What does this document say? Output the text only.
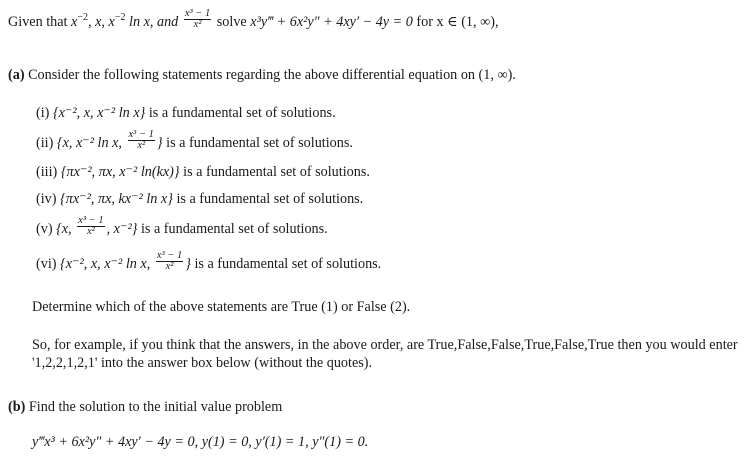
Given that $x^{-2}$, x, $x^{-2}$ ln x, and $\frac{\text{x³ − 1}}{\text{x²}}$ solve x³y‴ + 6x²y″ + 4xy′ − 4y = 0 for x ∈ (1, ∞),
(a) Consider the following statements regarding the above differential equation on (1, ∞).
(i) {x⁻², x, x⁻² ln x} is a fundamental set of solutions.
(ii) {x, x⁻² ln x, $\frac{\text{x³ − 1}}{\text{x²}}$ } is a fundamental set of solutions.
(iii) {πx⁻², πx, x⁻² ln(kx)} is a fundamental set of solutions.
(iv) {πx⁻², πx, kx⁻² ln x} is a fundamental set of solutions.
(v) {x, $\frac{\text{x³ − 1}}{\text{x²}}$ , x⁻²} is a fundamental set of solutions.
(vi) {x⁻², x, x⁻² ln x, $\frac{\text{x³ − 1}}{\text{x²}}$ } is a fundamental set of solutions.
Determine which of the above statements are True (1) or False (2).
So, for example, if you think that the answers, in the above order, are True,False,False,True,False,True then you would enter '1,2,2,1,2,1' into the answer box below (without the quotes).
(b) Find the solution to the initial value problem
y‴x³ + 6x²y″ + 4xy′ − 4y = 0, y(1) = 0, y′(1) = 1, y″(1) = 0.
